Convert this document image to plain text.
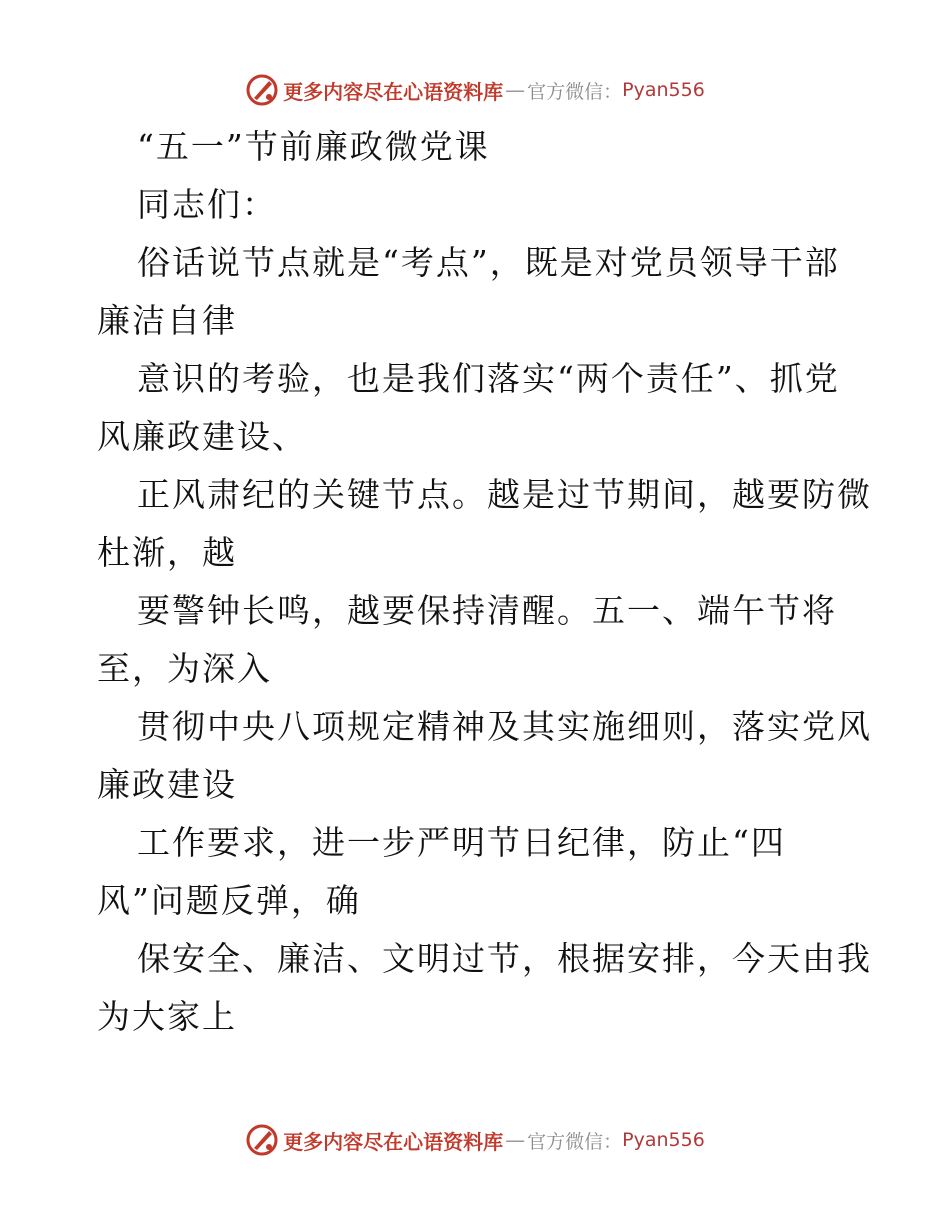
更多内容尽在心语资料库 — 官方微信： Pyan556
“五一”节前廉政微党课
同志们：
俗话说节点就是“考点”，既是对党员领导干部
廉洁自律
意识的考验，也是我们落实“两个责任”、抓党
风廉政建设、
正风肃纪的关键节点。越是过节期间，越要防微
杜渐，越
要警钟长鸣，越要保持清醒。五一、端午节将
至，为深入
贯彻中央八项规定精神及其实施细则，落实党风
廉政建设
工作要求，进一步严明节日纪律，防止“四
风”问题反弹，确
保安全、廉洁、文明过节，根据安排，今天由我
为大家上
更多内容尽在心语资料库 — 官方微信： Pyan556
